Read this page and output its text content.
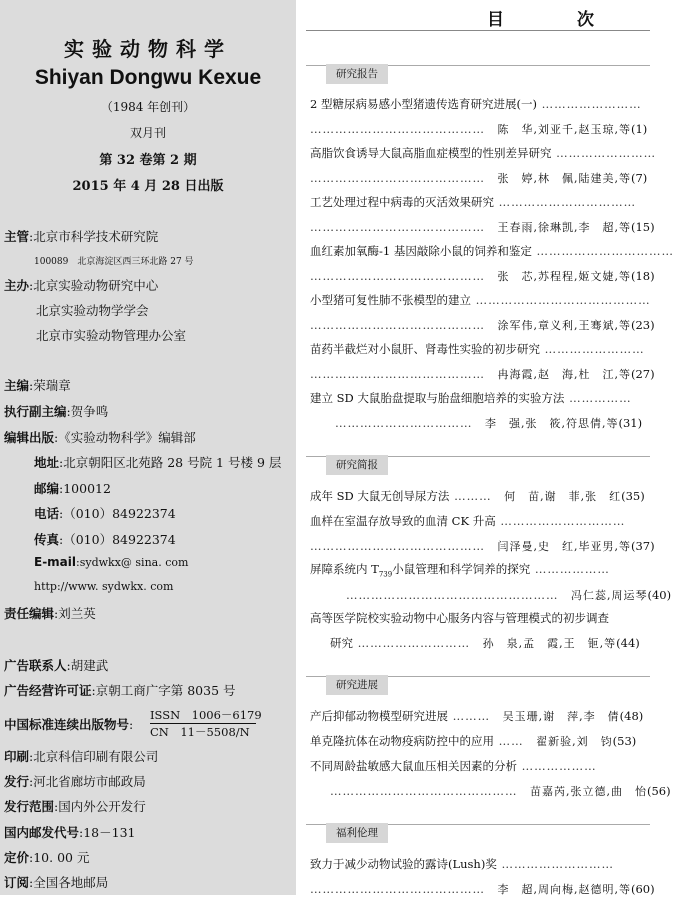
实验动物科学
Shiyan Dongwu Kexue
（1984 年创刊）
双月刊
第 32 卷第 2 期
2015 年 4 月 28 日出版
主管:北京市科学技术研究院
100089　北京海淀区西三环北路 27 号
主办:北京实验动物研究中心
北京实验动物学学会
北京市实验动物管理办公室
主编:荣瑞章
执行副主编:贺争鸣
编辑出版:《实验动物科学》编辑部
地址:北京朝阳区北苑路 28 号院 1 号楼 9 层
邮编:100012
电话:（010）84922374
传真:（010）84922374
E-mail:sydwkx@ sina. com
http://www. sydwkx. com
责任编辑:刘兰英
广告联系人:胡建武
广告经营许可证:京朝工商广字第 8035 号
中国标准连续出版物号:
ISSN　1006－6179
CN　11－5508/N
印刷:北京科信印刷有限公司
发行:河北省廊坊市邮政局
发行范围:国内外公开发行
国内邮发代号:18－131
定价:10. 00 元
订阅:全国各地邮局
目　次
研究报告
2 型糖尿病易感小型猪遗传选育研究进展(一) ……………………
……………………………………　陈　华,刘亚千,赵玉琼,等(1)
高脂饮食诱导大鼠高脂血症模型的性别差异研究 ……………………
……………………………………　张　婷,林　佩,陆建美,等(7)
工艺处理过程中病毒的灭活效果研究 ……………………………
……………………………………　王春雨,徐琳凯,李　超,等(15)
血红素加氧酶-1 基因敲除小鼠的饲养和鉴定 ……………………………
……………………………………　张　芯,苏程程,姬文婕,等(18)
小型猪可复性肺不张模型的建立 ……………………………………
……………………………………　涂军伟,章义利,王骞斌,等(23)
苗药半截烂对小鼠肝、肾毒性实验的初步研究 ……………………
……………………………………　冉海霞,赵　海,杜　江,等(27)
建立 SD 大鼠胎盘提取与胎盘细胞培养的实验方法 ……………
　　……………………………　李　强,张　筱,符思倩,等(31)
研究简报
成年 SD 大鼠无创导尿方法 ………　何　苗,谢　菲,张　红(35)
血样在室温存放导致的血清 CK 升高 …………………………
……………………………………　闫泽曼,史　红,毕亚男,等(37)
屏障系统内 $T_{739}$小鼠管理和科学饲养的探究 ………………
……………………………………………　冯仁蕊,周运琴(40)
高等医学院校实验动物中心服务内容与管理模式的初步调查
研究 ………………………　孙　泉,孟　霞,王　钷,等(44)
研究进展
产后抑郁动物模型研究进展 ………　吴玉珊,谢　萍,李　倩(48)
单克隆抗体在动物疫病防控中的应用 ……　翟新验,刘　钧(53)
不同周龄盐敏感大鼠血压相关因素的分析 ………………
………………………………………　苗嘉芮,张立德,曲　怡(56)
福利伦理
致力于减少动物试验的露诗(Lush)奖 ………………………
……………………………………　李　超,周向梅,赵德明,等(60)
